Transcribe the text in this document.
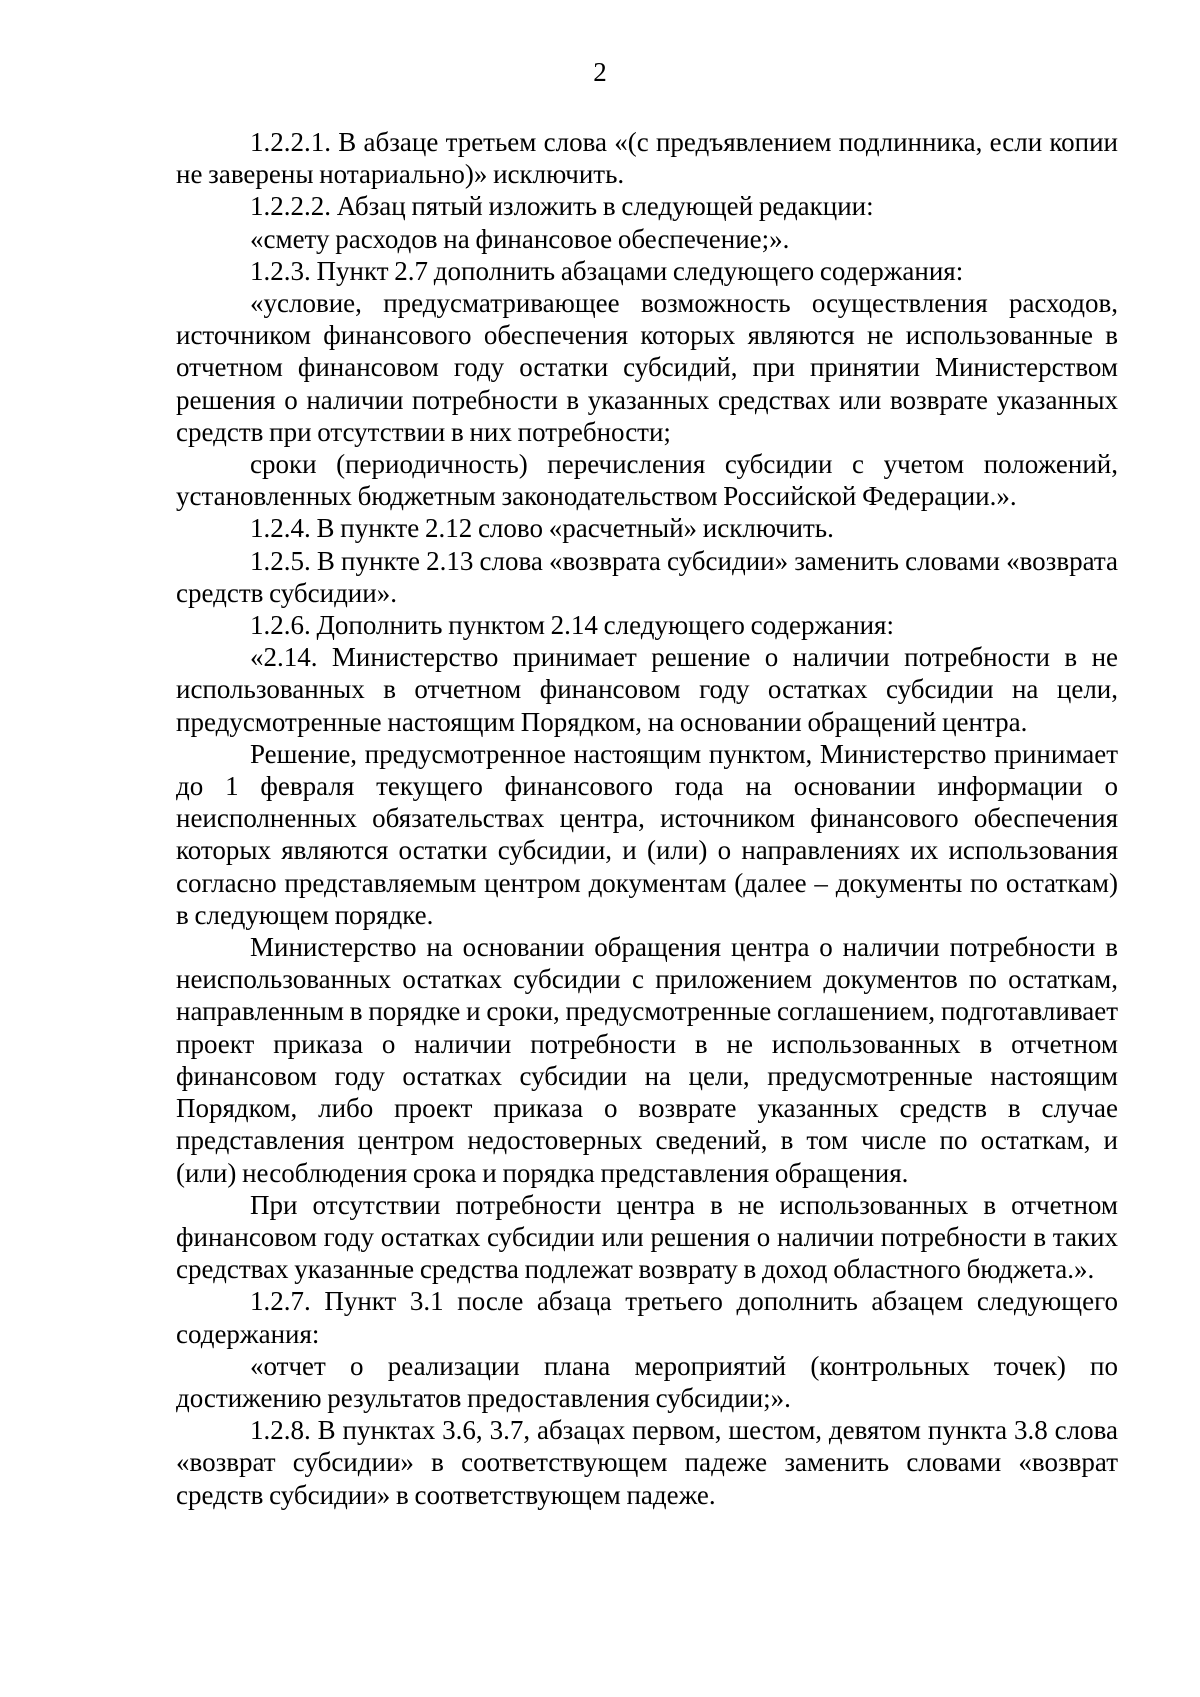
2

1.2.2.1. В абзаце третьем слова «(с предъявлением подлинника, если копии не заверены нотариально)» исключить.

1.2.2.2. Абзац пятый изложить в следующей редакции:

«смету расходов на финансовое обеспечение;».

1.2.3. Пункт 2.7 дополнить абзацами следующего содержания:

«условие, предусматривающее возможность осуществления расходов, источником финансового обеспечения которых являются не использованные в отчетном финансовом году остатки субсидий, при принятии Министерством решения о наличии потребности в указанных средствах или возврате указанных средств при отсутствии в них потребности;

сроки (периодичность) перечисления субсидии с учетом положений, установленных бюджетным законодательством Российской Федерации.».

1.2.4. В пункте 2.12 слово «расчетный» исключить.

1.2.5. В пункте 2.13 слова «возврата субсидии» заменить словами «возврата средств субсидии».

1.2.6. Дополнить пунктом 2.14 следующего содержания:

«2.14. Министерство принимает решение о наличии потребности в не использованных в отчетном финансовом году остатках субсидии на цели, предусмотренные настоящим Порядком, на основании обращений центра.

Решение, предусмотренное настоящим пунктом, Министерство принимает до 1 февраля текущего финансового года на основании информации о неисполненных обязательствах центра, источником финансового обеспечения которых являются остатки субсидии, и (или) о направлениях их использования согласно представляемым центром документам (далее – документы по остаткам) в следующем порядке.

Министерство на основании обращения центра о наличии потребности в неиспользованных остатках субсидии с приложением документов по остаткам, направленным в порядке и сроки, предусмотренные соглашением, подготавливает проект приказа о наличии потребности в не использованных в отчетном финансовом году остатках субсидии на цели, предусмотренные настоящим Порядком, либо проект приказа о возврате указанных средств в случае представления центром недостоверных сведений, в том числе по остаткам, и (или) несоблюдения срока и порядка представления обращения.

При отсутствии потребности центра в не использованных в отчетном финансовом году остатках субсидии или решения о наличии потребности в таких средствах указанные средства подлежат возврату в доход областного бюджета.».

1.2.7. Пункт 3.1 после абзаца третьего дополнить абзацем следующего содержания:

«отчет о реализации плана мероприятий (контрольных точек) по достижению результатов предоставления субсидии;».

1.2.8. В пунктах 3.6, 3.7, абзацах первом, шестом, девятом пункта 3.8 слова «возврат субсидии» в соответствующем падеже заменить словами «возврат средств субсидии» в соответствующем падеже.
